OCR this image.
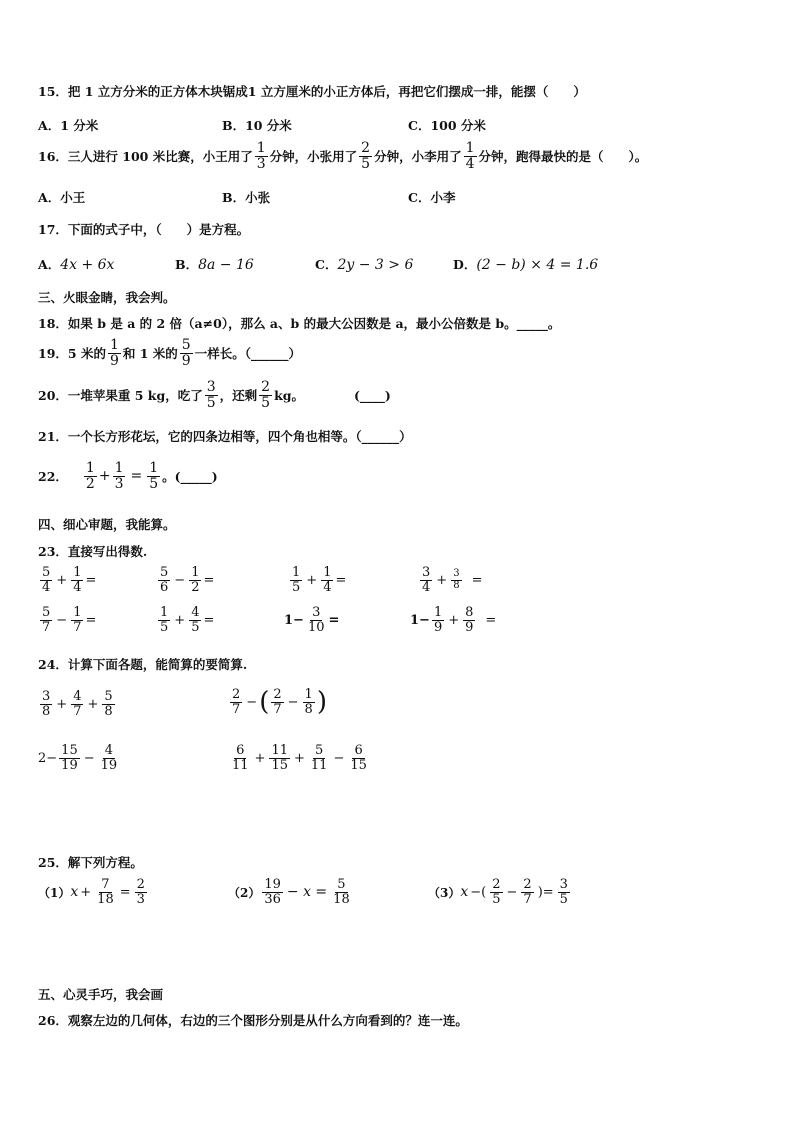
15．把 1 立方分米的正方体木块锯成1 立方厘米的小正方体后，再把它们摆成一排，能摆（　　）
A．1 分米	B．10 分米	C．100 分米
16．三人进行 100 米比赛，小王用了 $\frac{1}{3}$ 分钟，小张用了 $\frac{2}{5}$ 分钟，小李用了 $\frac{1}{4}$ 分钟，跑得最快的是（　　）。
A．小王	B．小张	C．小李
17．下面的式子中，（　　）是方程。
A．4x + 6x	B．8a − 16	C．2y − 3 > 6	D．(2 − b) × 4 = 1.6
三、火眼金睛，我会判。
18．如果 b 是 a 的 2 倍（a≠0），那么 a、b 的最大公因数是 a，最小公倍数是 b。_____。
19．5 米的 $\frac{1}{9}$ 和 1 米的 $\frac{5}{9}$ 一样长。（______）
20．一堆苹果重 5 kg，吃了 $\frac{3}{5}$ ，还剩 $\frac{2}{5}$ kg。	(____)
21．一个长方形花坛，它的四条边相等，四个角也相等。（______）
22． $\frac{1}{2} + \frac{1}{3} = \frac{1}{5}$ 。(_____)
四、细心审题，我能算。
23．直接写出得数.
$\frac{5}{4} + \frac{1}{4}$ =	$\frac{5}{6} - \frac{1}{2}$ =	$\frac{1}{5} + \frac{1}{4}$ =	$\frac{3}{4} + \frac{3}{8}$ =
$\frac{5}{7} - \frac{1}{7}$ =	$\frac{1}{5} + \frac{4}{5}$ =	$1- \frac{3}{10}$ =	$1- \frac{1}{9} + \frac{8}{9}$ =
24．计算下面各题，能简算的要简算.
$\frac{3}{8} + \frac{4}{7} + \frac{5}{8}$	$\frac{2}{7}$ − ( $\frac{2}{7} - \frac{1}{8}$ )
$2- \frac{15}{19} - \frac{4}{19}$	$\frac{6}{11} + \frac{11}{15} + \frac{5}{11} - \frac{6}{15}$
25．解下列方程。
（1） $x + \frac{7}{18} = \frac{2}{3}$	$(2) \frac{19}{36} - x = \frac{5}{18}$	（3） x −( $\frac{2}{5} - \frac{2}{7}$ )= $\frac{3}{5}$
五、心灵手巧，我会画
26．观察左边的几何体，右边的三个图形分别是从什么方向看到的？连一连。
